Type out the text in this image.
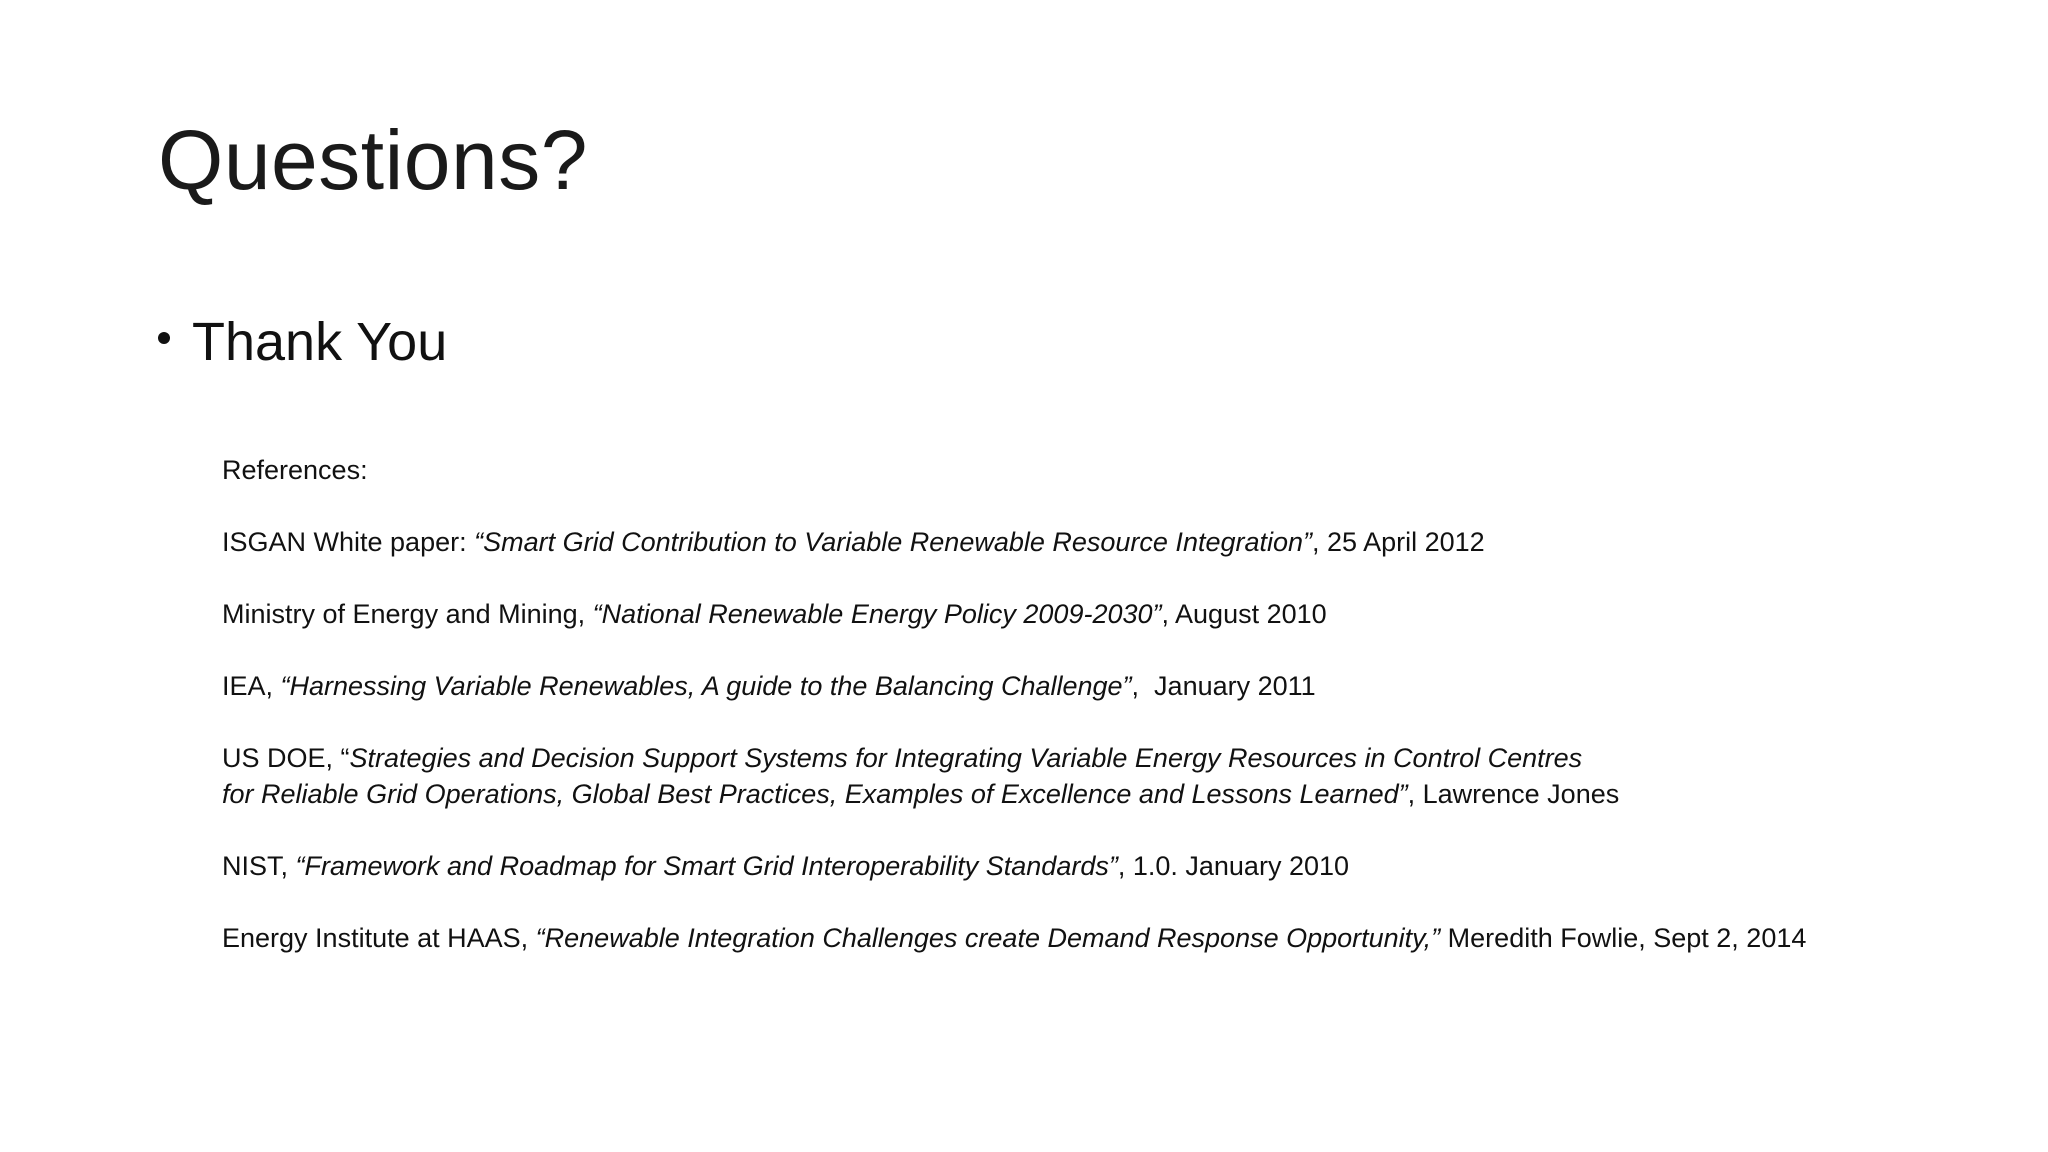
Questions?
Thank You

References:

ISGAN White paper: “Smart Grid Contribution to Variable Renewable Resource Integration”, 25 April 2012

Ministry of Energy and Mining, “National Renewable Energy Policy 2009-2030”, August 2010

IEA, “Harnessing Variable Renewables, A guide to the Balancing Challenge”,  January 2011

US DOE, “Strategies and Decision Support Systems for Integrating Variable Energy Resources in Control Centres
for Reliable Grid Operations, Global Best Practices, Examples of Excellence and Lessons Learned”, Lawrence Jones

NIST, “Framework and Roadmap for Smart Grid Interoperability Standards”, 1.0. January 2010

Energy Institute at HAAS, “Renewable Integration Challenges create Demand Response Opportunity,” Meredith Fowlie, Sept 2, 2014
